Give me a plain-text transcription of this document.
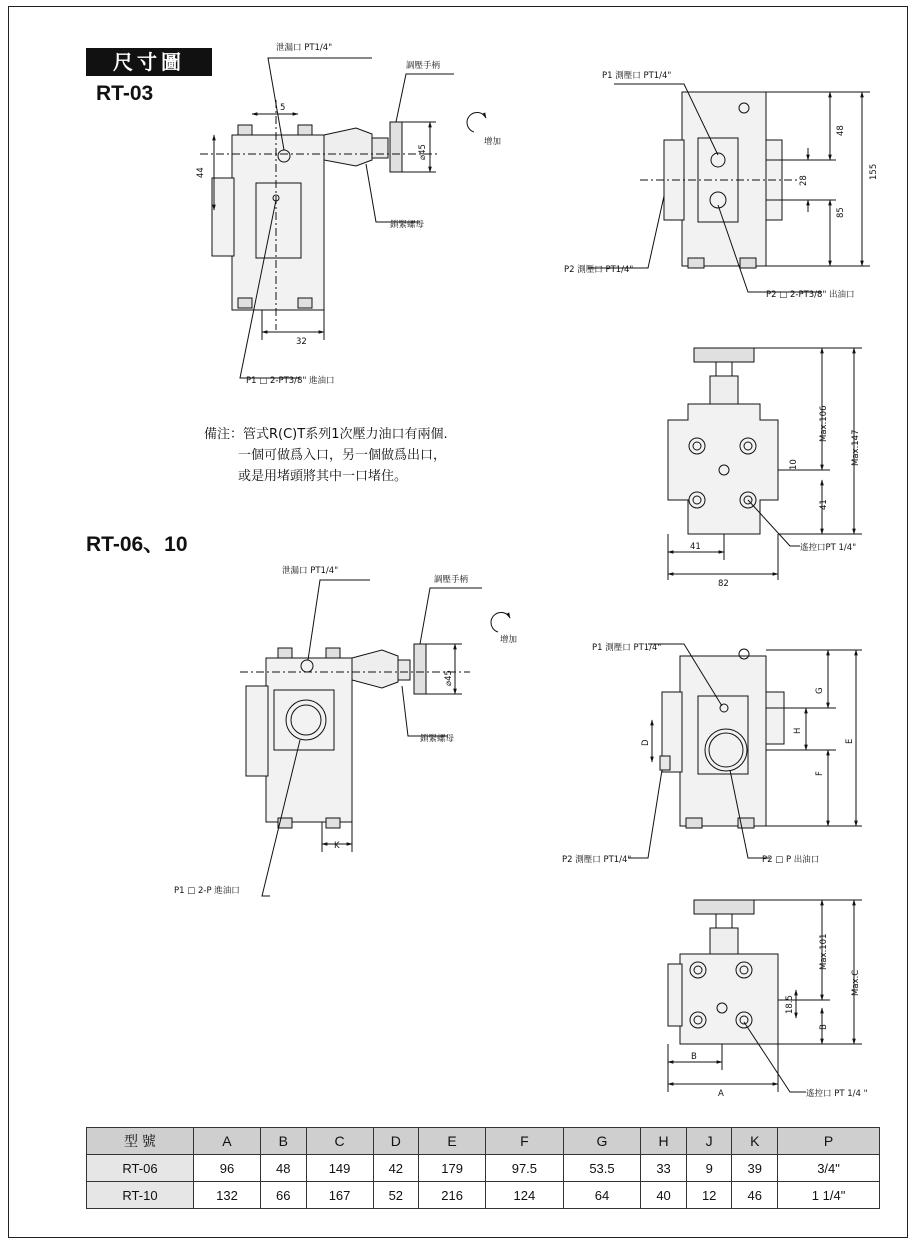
尺寸圖
RT-03
RT-06、10
備注：管式R(C)T系列1次壓力油口有兩個.
一個可做爲入口，另一個做爲出口，
或是用堵頭將其中一口堵住。
泄漏口 PT1/4"
調壓手柄
增加
鎖緊螺母
P1 □ 2-PT3/8" 進油口
5
44
32
⌀45
P1 測壓口 PT1/4"
P2 測壓口 PT1/4"
P2 □ 2-PT3/8" 出油口
48
28
85
155
遙控口PT 1/4"
Max.106
Max.147
10
41
41
82
泄漏口 PT1/4"
調壓手柄
增加
鎖緊螺母
P1 □ 2-P 進油口
⌀45
K
P1 測壓口 PT1/4"
P2 測壓口 PT1/4"	P2 □ P 出油口
G
H
F
E
D
遙控口 PT 1/4 "
Max.101
Max.C
18.5
B
B
A
型 號	A	B	C	D	E	F	G	H	J	K	P
RT-06	96	48	149	42	179	97.5	53.5	33	9	39	3/4"
RT-10	132	66	167	52	216	124	64	40	12	46	1 1/4"
